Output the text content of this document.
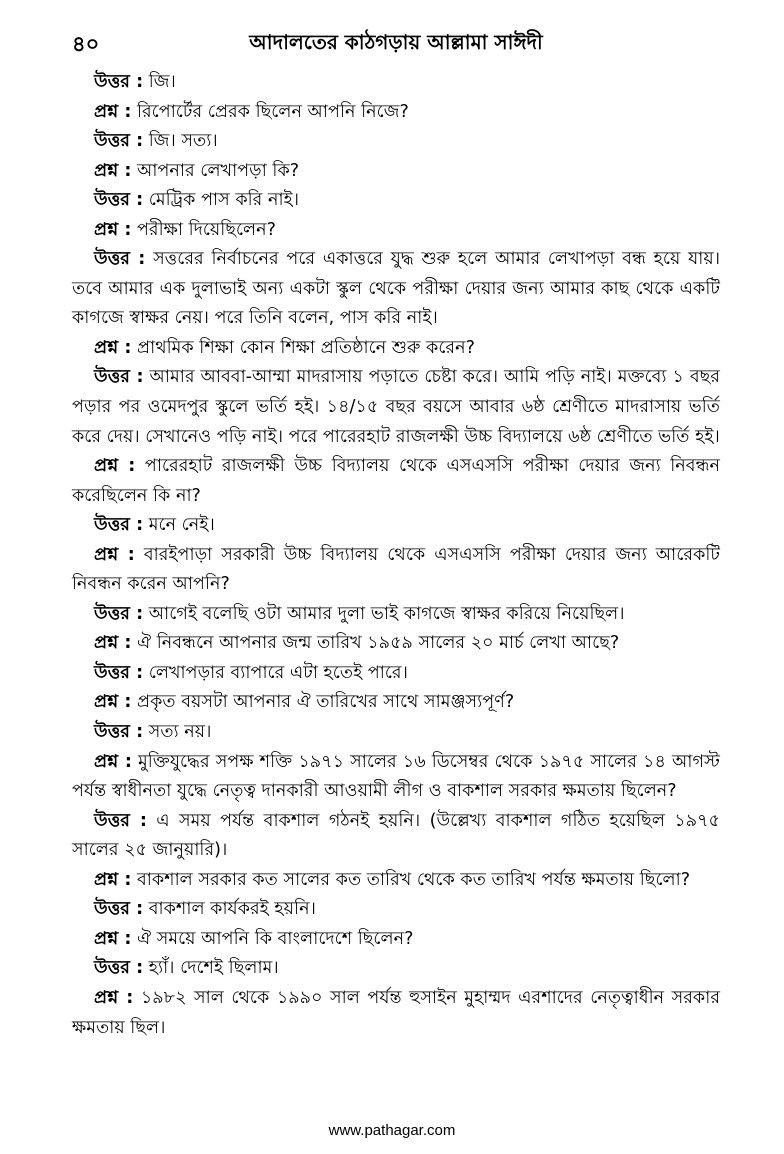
৪০	আদালতের কাঠগড়ায় আল্লামা সাঈদী

উত্তর : জি।

প্রশ্ন : রিপোর্টের প্রেরক ছিলেন আপনি নিজে?

উত্তর : জি। সত্য।

প্রশ্ন : আপনার লেখাপড়া কি?

উত্তর : মেট্রিক পাস করি নাই।

প্রশ্ন : পরীক্ষা দিয়েছিলেন?

উত্তর : সত্তরের নির্বাচনের পরে একাত্তরে যুদ্ধ শুরু হলে আমার লেখাপড়া বন্ধ হয়ে যায়। তবে আমার এক দুলাভাই অন্য একটা স্কুল থেকে পরীক্ষা দেয়ার জন্য আমার কাছ থেকে একটি কাগজে স্বাক্ষর নেয়। পরে তিনি বলেন, পাস করি নাই।

প্রশ্ন : প্রাথমিক শিক্ষা কোন শিক্ষা প্রতিষ্ঠানে শুরু করেন?

উত্তর : আমার আববা-আম্মা মাদরাসায় পড়াতে চেষ্টা করে। আমি পড়ি নাই। মক্তব্যে ১ বছর পড়ার পর ওমেদপুর স্কুলে ভর্তি হই। ১৪/১৫ বছর বয়সে আবার ৬ষ্ঠ শ্রেণীতে মাদরাসায় ভর্তি করে দেয়। সেখানেও পড়ি নাই। পরে পারেরহাট রাজলক্ষী উচ্চ বিদ্যালয়ে ৬ষ্ঠ শ্রেণীতে ভর্তি হই।

প্রশ্ন : পারেরহাট রাজলক্ষী উচ্চ বিদ্যালয় থেকে এসএসসি পরীক্ষা দেয়ার জন্য নিবন্ধন করেছিলেন কি না?

উত্তর : মনে নেই।

প্রশ্ন : বারইপাড়া সরকারী উচ্চ বিদ্যালয় থেকে এসএসসি পরীক্ষা দেয়ার জন্য আরেকটি নিবন্ধন করেন আপনি?

উত্তর : আগেই বলেছি ওটা আমার দুলা ভাই কাগজে স্বাক্ষর করিয়ে নিয়েছিল।

প্রশ্ন : ঐ নিবন্ধনে আপনার জন্ম তারিখ ১৯৫৯ সালের ২০ মার্চ লেখা আছে?

উত্তর : লেখাপড়ার ব্যাপারে এটা হতেই পারে।

প্রশ্ন : প্রকৃত বয়সটা আপনার ঐ তারিখের সাথে সামঞ্জস্যপূর্ণ?

উত্তর : সত্য নয়।

প্রশ্ন : মুক্তিযুদ্ধের সপক্ষ শক্তি ১৯৭১ সালের ১৬ ডিসেম্বর থেকে ১৯৭৫ সালের ১৪ আগস্ট পর্যন্ত স্বাধীনতা যুদ্ধে নেতৃত্ব দানকারী আওয়ামী লীগ ও বাকশাল সরকার ক্ষমতায় ছিলেন?

উত্তর : এ সময় পর্যন্ত বাকশাল গঠনই হয়নি। (উল্লেখ্য বাকশাল গঠিত হয়েছিল ১৯৭৫ সালের ২৫ জানুয়ারি)।

প্রশ্ন : বাকশাল সরকার কত সালের কত তারিখ থেকে কত তারিখ পর্যন্ত ক্ষমতায় ছিলো?

উত্তর : বাকশাল কার্যকরই হয়নি।

প্রশ্ন : ঐ সময়ে আপনি কি বাংলাদেশে ছিলেন?

উত্তর : হ্যাঁ। দেশেই ছিলাম।

প্রশ্ন : ১৯৮২ সাল থেকে ১৯৯০ সাল পর্যন্ত হুসাইন মুহাম্মদ এরশাদের নেতৃত্বাধীন সরকার ক্ষমতায় ছিল।

www.pathagar.com
